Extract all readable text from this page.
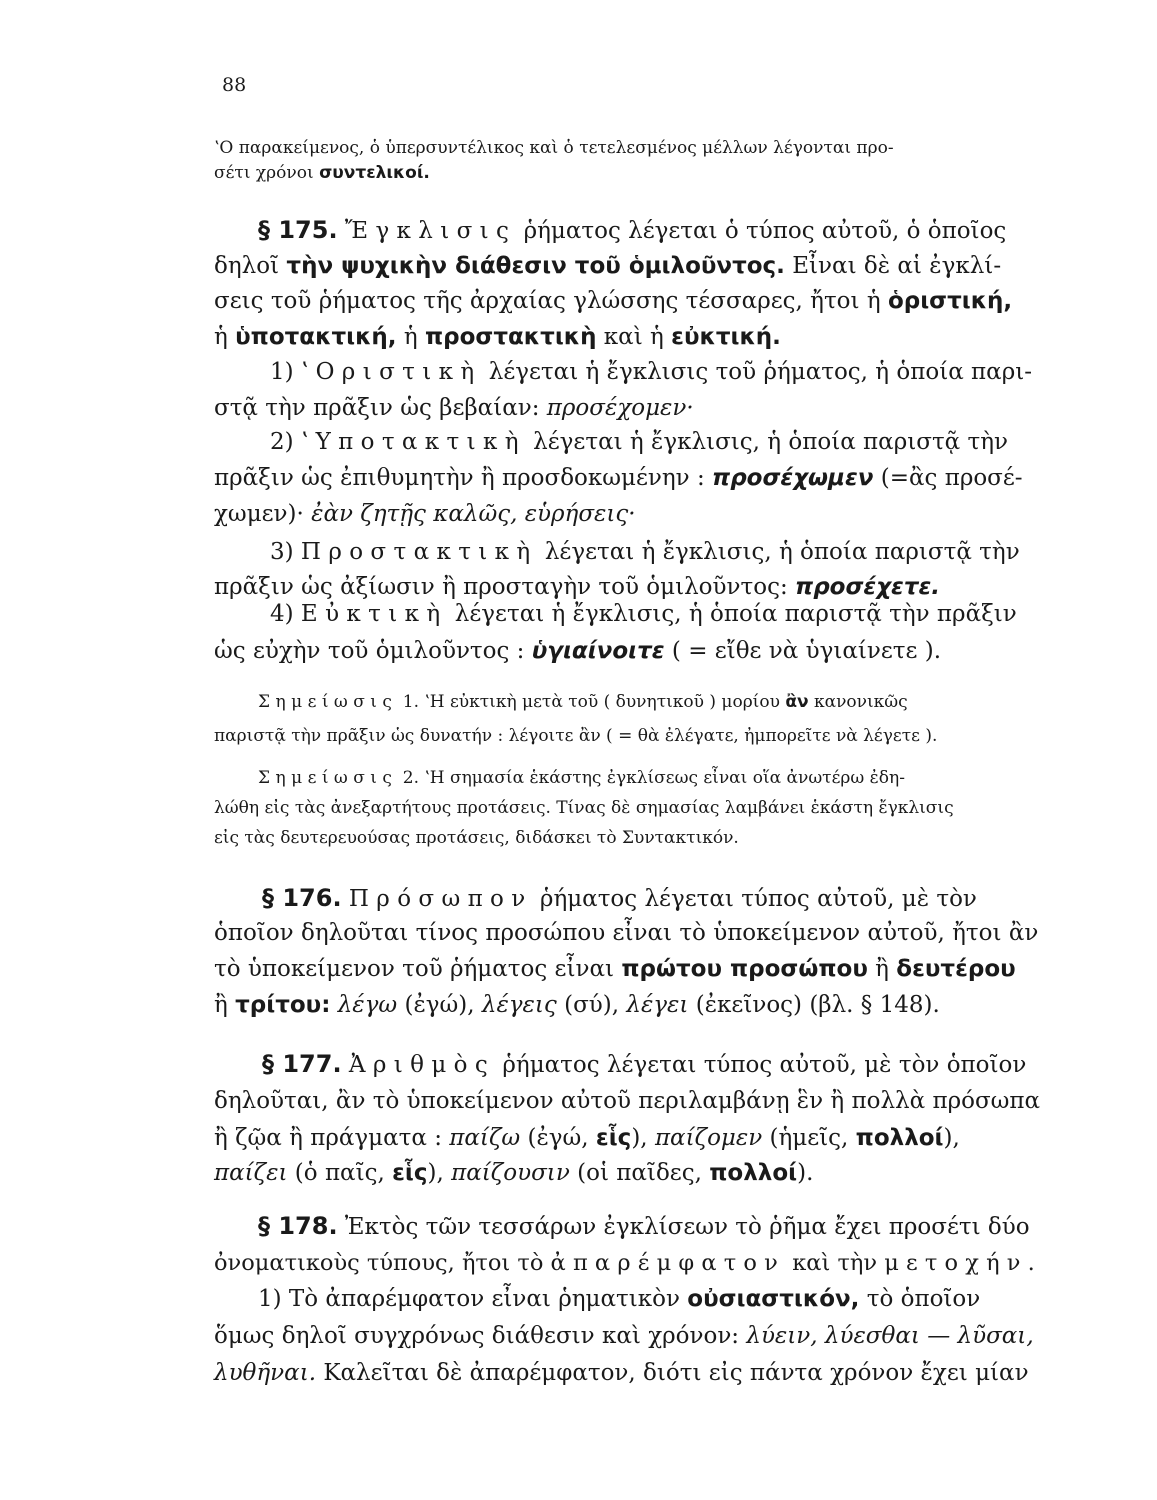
88
ʽΟ παρακείμενος, ὁ ὑπερσυντέλικος καὶ ὁ τετελεσμένος μέλλων λέγονται προ-
σέτι χρόνοι συντελικοί.
§ 175. Ἔγκλισις ῥήματος λέγεται ὁ τύπος αὐτοῦ, ὁ ὁποῖος
δηλοῖ τὴν ψυχικὴν διάθεσιν τοῦ ὁμιλοῦντος. Εἶναι δὲ αἱ ἐγκλί-
σεις τοῦ ῥήματος τῆς ἀρχαίας γλώσσης τέσσαρες, ἤτοι ἡ ὁριστική,
ἡ ὑποτακτική, ἡ προστακτικὴ καὶ ἡ εὐκτική.
1) ʽΟριστικὴ λέγεται ἡ ἔγκλισις τοῦ ῥήματος, ἡ ὁποία παρι-
στᾷ τὴν πρᾶξιν ὡς βεβαίαν: προσέχομεν·
2) ʽΥποτακτικὴ λέγεται ἡ ἔγκλισις, ἡ ὁποία παριστᾷ τὴν
πρᾶξιν ὡς ἐπιθυμητὴν ἢ προσδοκωμένην : προσέχωμεν (=ἂς προσέ-
χωμεν)· ἐὰν ζητῇς καλῶς, εὑρήσεις·
3) Προστακτικὴ λέγεται ἡ ἔγκλισις, ἡ ὁποία παριστᾷ τὴν
πρᾶξιν ὡς ἀξίωσιν ἢ προσταγὴν τοῦ ὁμιλοῦντος: προσέχετε.
4) Εὐκτικὴ λέγεται ἡ ἔγκλισις, ἡ ὁποία παριστᾷ τὴν πρᾶξιν
ὡς εὐχὴν τοῦ ὁμιλοῦντος : ὑγιαίνοιτε ( = εἴθε νὰ ὑγιαίνετε ).
Σημείωσις 1. ʽΗ εὐκτικὴ μετὰ τοῦ ( δυνητικοῦ ) μορίου ἂν κανονικῶς
παριστᾷ τὴν πρᾶξιν ὡς δυνατήν : λέγοιτε ἂν ( = θὰ ἐλέγατε, ἠμπορεῖτε νὰ λέγετε ).
Σημείωσις 2. ʽΗ σημασία ἑκάστης ἐγκλίσεως εἶναι οἵα ἀνωτέρω ἐδη-
λώθη εἰς τὰς ἀνεξαρτήτους προτάσεις. Τίνας δὲ σημασίας λαμβάνει ἑκάστη ἔγκλισις
εἰς τὰς δευτερευούσας προτάσεις, διδάσκει τὸ Συντακτικόν.
§ 176. Πρόσωπον ῥήματος λέγεται τύπος αὐτοῦ, μὲ τὸν
ὁποῖον δηλοῦται τίνος προσώπου εἶναι τὸ ὑποκείμενον αὐτοῦ, ἤτοι ἂν
τὸ ὑποκείμενον τοῦ ῥήματος εἶναι πρώτου προσώπου ἢ δευτέρου
ἢ τρίτου: λέγω (ἐγώ), λέγεις (σύ), λέγει (ἐκεῖνος) (βλ. § 148).
§ 177. Ἀριθμὸς ῥήματος λέγεται τύπος αὐτοῦ, μὲ τὸν ὁποῖον
δηλοῦται, ἂν τὸ ὑποκείμενον αὐτοῦ περιλαμβάνῃ ἓν ἢ πολλὰ πρόσωπα
ἢ ζῷα ἢ πράγματα : παίζω (ἐγώ, εἷς), παίζομεν (ἡμεῖς, πολλοί),
παίζει (ὁ παῖς, εἷς), παίζουσιν (οἱ παῖδες, πολλοί).
§ 178. Ἐκτὸς τῶν τεσσάρων ἐγκλίσεων τὸ ῥῆμα ἔχει προσέτι δύο
ὀνοματικοὺς τύπους, ἤτοι τὸ ἀπαρέμφατον καὶ τὴν μετοχήν.
1) Τὸ ἀπαρέμφατον εἶναι ῥηματικὸν οὐσιαστικόν, τὸ ὁποῖον
ὅμως δηλοῖ συγχρόνως διάθεσιν καὶ χρόνον: λύειν, λύεσθαι — λῦσαι,
λυθῆναι. Καλεῖται δὲ ἀπαρέμφατον, διότι εἰς πάντα χρόνον ἔχει μίαν
